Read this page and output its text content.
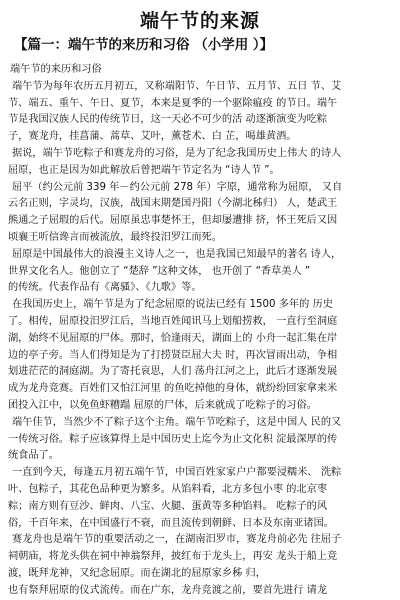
端午节的来源
【篇一：端午节的来历和习俗 （小学用 ）】
端午节的来历和习俗
端午节为每年农历五月初五，又称端阳节、午日节、五月节、五日 节、艾
节、端五、重午、午日、夏节，本来是夏季的一个驱除瘟疫 的节日。端午
节是我国汉族人民的传统节日，这一天必不可少的活 动逐渐演变为吃粽
子，赛龙舟，挂菖蒲、蒿草、艾叶，薰苍术、白 芷，喝雄黄酒。
据说，端午节吃粽子和赛龙舟的习俗，是为了纪念我国历史上伟大 的诗人
屈原，也正是因为如此解放后曾把端午节定名为 “诗人节 ”。
屈平（约公元前 339 年－约公元前 278 年）字原，通常称为屈原， 又自
云名正则，字灵均，汉族，战国末期楚国丹阳（今湖北秭归） 人，楚武王
熊通之子屈瑕的后代。屈原虽忠事楚怀王，但却屡遭排 挤，怀王死后又因
顷襄王听信谗言而被流放，最终投汨罗江而死。
屈原是中国最伟大的浪漫主义诗人之一，也是我国已知最早的著名 诗人，
世界文化名人。他创立了 “楚辞 ”这种文体， 也开创了 “香草美人 ”
的传统。代表作品有《离骚》、《九歌》等。
在我国历史上，端午节是为了纪念屈原的说法已经有 1500 多年的 历史
了。相传，屈原投汨罗江后，当地百姓闻讯马上划船捞救， 一直行至洞庭
湖，始终不见屈原的尸体。那时，恰逢雨天，湖面上的 小舟一起汇集在岸
边的亭子旁。当人们得知是为了打捞贤臣屈大夫 时，再次冒雨出动，争相
划进茫茫的洞庭湖。为了寄托哀思，人们 荡舟江河之上，此后才逐渐发展
成为龙舟竞赛。百姓们又怕江河里 的鱼吃掉他的身体，就纷纷回家拿来米
团投入江中，以免鱼虾糟蹋 屈原的尸体，后来就成了吃粽子的习俗。
端午佳节，当然少不了粽子这个主角。端午节吃粽子，这是中国人 民的又
一传统习俗。粽子应该算得上是中国历史上迄今为止文化积 淀最深厚的传
统食品了。
一直到今天，每逢五月初五端午节，中国百姓家家户户都要浸糯米、 洗粽
叶、包粽子，其花色品种更为繁多。从馅料看，北方多包小枣 的北京枣
粽；南方则有豆沙、鲜肉、八宝、火腿、蛋黄等多种馅料。 吃粽子的风
俗，千百年来，在中国盛行不衰，而且流传到朝鲜、日本及东南亚诸国。
赛龙舟也是端午节的重要活动之一，在湖南汨罗市，赛龙舟前必先 往屈子
祠朝庙，将龙头供在祠中神翁祭拜，披红布于龙头上，再安 龙头于船上竞
渡，既拜龙神，又纪念屈原。而在湖北的屈原家乡秭 归，
也有祭拜屈原的仪式流传。而在广东，龙舟竞渡之前，要首先进行 请龙
